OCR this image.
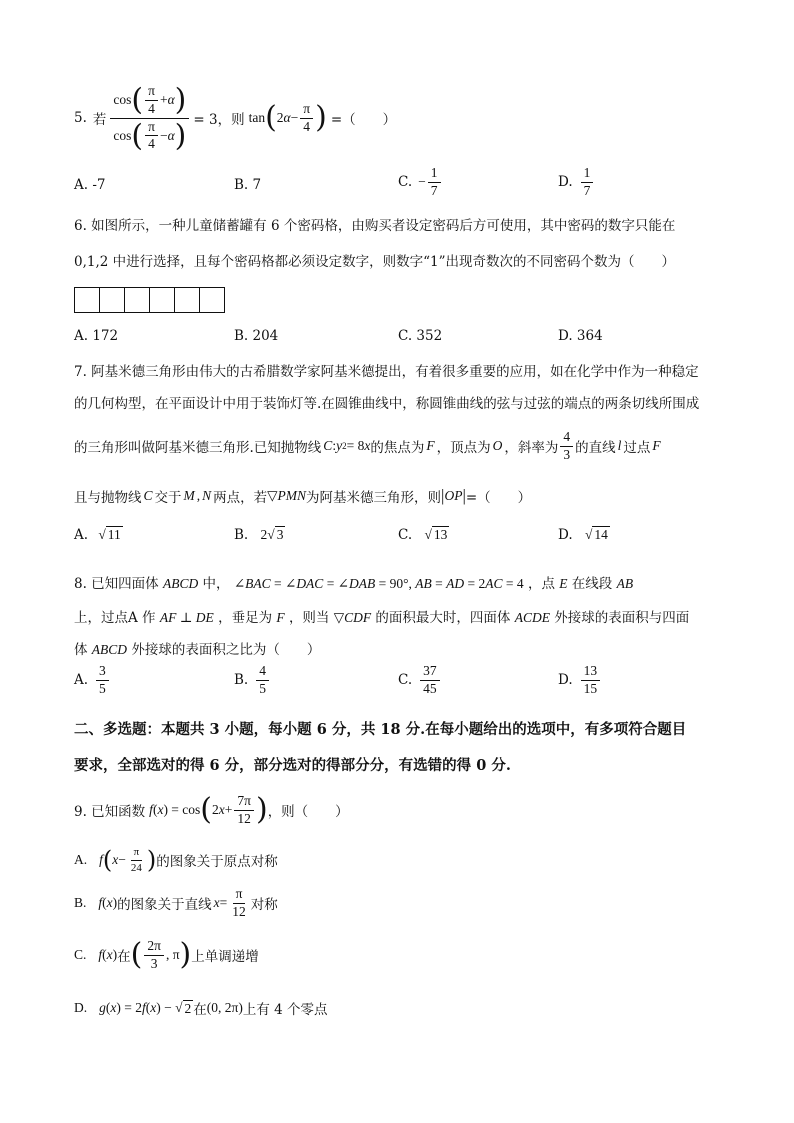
5. 若 $\frac{\cos( \frac{\pi}{4} +\alpha)}{\cos( \frac{\pi}{4} -\alpha)} = 3$，则 tan ( 2 $\alpha - \frac{\pi}{4}$ ) =（　　）
A. -7	B. 7	C. − $\frac{1}{7}$	D. $\frac{1}{7}$
6. 如图所示，一种儿童储蓄罐有 6 个密码格，由购买者设定密码后方可使用，其中密码的数字只能在
0,1,2 中进行选择，且每个密码格都必须设定数字，则数字“1”出现奇数次的不同密码个数为（　　）
A. 172	B. 204	C. 352	D. 364
7. 阿基米德三角形由伟大的古希腊数学家阿基米德提出，有着很多重要的应用，如在化学中作为一种稳定
的几何构型，在平面设计中用于装饰灯等.在圆锥曲线中，称圆锥曲线的弦与过弦的端点的两条切线所围成
的三角形叫做阿基米德三角形.已知抛物线 C : y 2 = 8 x 的焦点为 F ，顶点为 O ，斜率为 $\frac{4}{3}$ 的直线 l 过点 F
且与抛物线 C 交于 M , N 两点，若 ▽ PMN 为阿基米德三角形，则 | OP | =（　　）
A. √ 11	B. 2√ 3	C. √ 13	D. √ 14
8. 已知四面体 ABCD 中， ∠BAC = ∠DAC = ∠DAB = 90°, AB = AD = 2AC = 4 ，点 E 在线段 AB
上，过点A 作 AF ⊥ DE ，垂足为 F ，则当 ▽CDF 的面积最大时，四面体 ACDE 外接球的表面积与四面
体 ABCD 外接球的表面积之比为（　　）
A. $\frac{3}{5}$	B. $\frac{4}{5}$	C. $\frac{37}{45}$	D. $\frac{13}{15}$
二、多选题：本题共 3 小题，每小题 6 分，共 18 分.在每小题给出的选项中，有多项符合题目
要求，全部选对的得 6 分，部分选对的得部分分，有选错的得 0 分.
9. 已知函数 f ( x ) = cos ( 2 $x + \frac{7\pi}{12}$ ) ，则（　　）
A. f ( $x - \frac{\pi}{24}$ ) 的图象关于原点对称
B. f ( x ) 的图象关于直线 $x = \frac{\pi}{12}$ 对称
C. f ( x ) 在 ( $\frac{2\pi}{3}$ , π ) 上单调递增
D. g ( x ) = 2 f ( x ) − √ 2 在 (0, 2π) 上有 4 个零点
